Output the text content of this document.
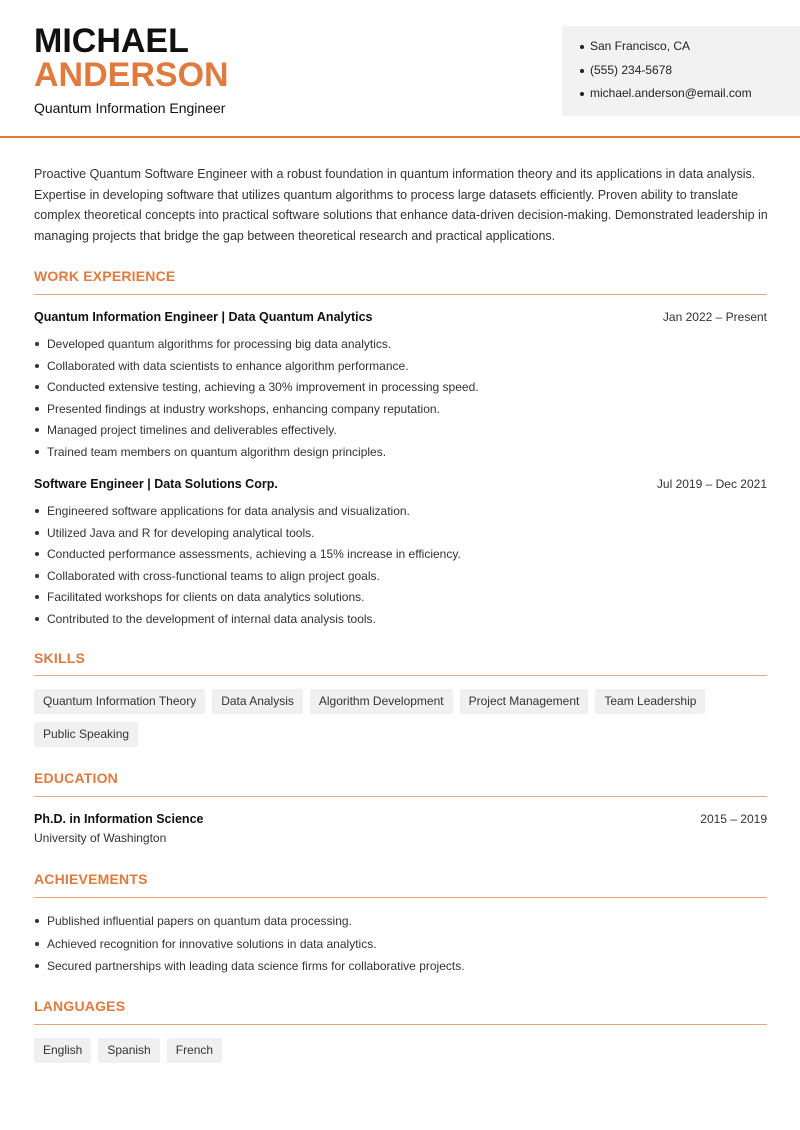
MICHAEL
ANDERSON
Quantum Information Engineer
San Francisco, CA
(555) 234-5678
michael.anderson@email.com
Proactive Quantum Software Engineer with a robust foundation in quantum information theory and its applications in data analysis. Expertise in developing software that utilizes quantum algorithms to process large datasets efficiently. Proven ability to translate complex theoretical concepts into practical software solutions that enhance data-driven decision-making. Demonstrated leadership in managing projects that bridge the gap between theoretical research and practical applications.
WORK EXPERIENCE
Quantum Information Engineer | Data Quantum Analytics	Jan 2022 – Present
Developed quantum algorithms for processing big data analytics.
Collaborated with data scientists to enhance algorithm performance.
Conducted extensive testing, achieving a 30% improvement in processing speed.
Presented findings at industry workshops, enhancing company reputation.
Managed project timelines and deliverables effectively.
Trained team members on quantum algorithm design principles.
Software Engineer | Data Solutions Corp.	Jul 2019 – Dec 2021
Engineered software applications for data analysis and visualization.
Utilized Java and R for developing analytical tools.
Conducted performance assessments, achieving a 15% increase in efficiency.
Collaborated with cross-functional teams to align project goals.
Facilitated workshops for clients on data analytics solutions.
Contributed to the development of internal data analysis tools.
SKILLS
Quantum Information Theory	Data Analysis	Algorithm Development	Project Management	Team Leadership
Public Speaking
EDUCATION
Ph.D. in Information Science	2015 – 2019
University of Washington
ACHIEVEMENTS
Published influential papers on quantum data processing.
Achieved recognition for innovative solutions in data analytics.
Secured partnerships with leading data science firms for collaborative projects.
LANGUAGES
English	Spanish	French
